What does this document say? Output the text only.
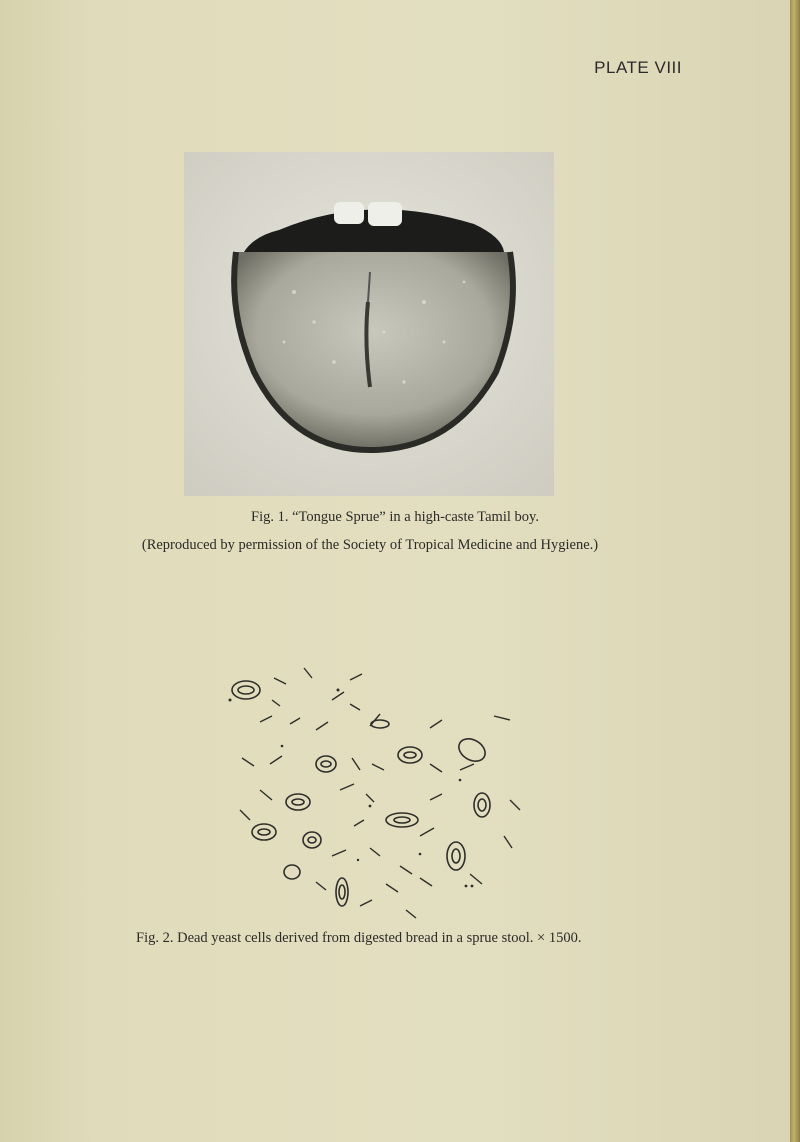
PLATE VIII
Fig. 1. “Tongue Sprue” in a high-caste Tamil boy.
(Reproduced by permission of the Society of Tropical Medicine and Hygiene.)
Fig. 2. Dead yeast cells derived from digested bread in a sprue stool. × 1500.
